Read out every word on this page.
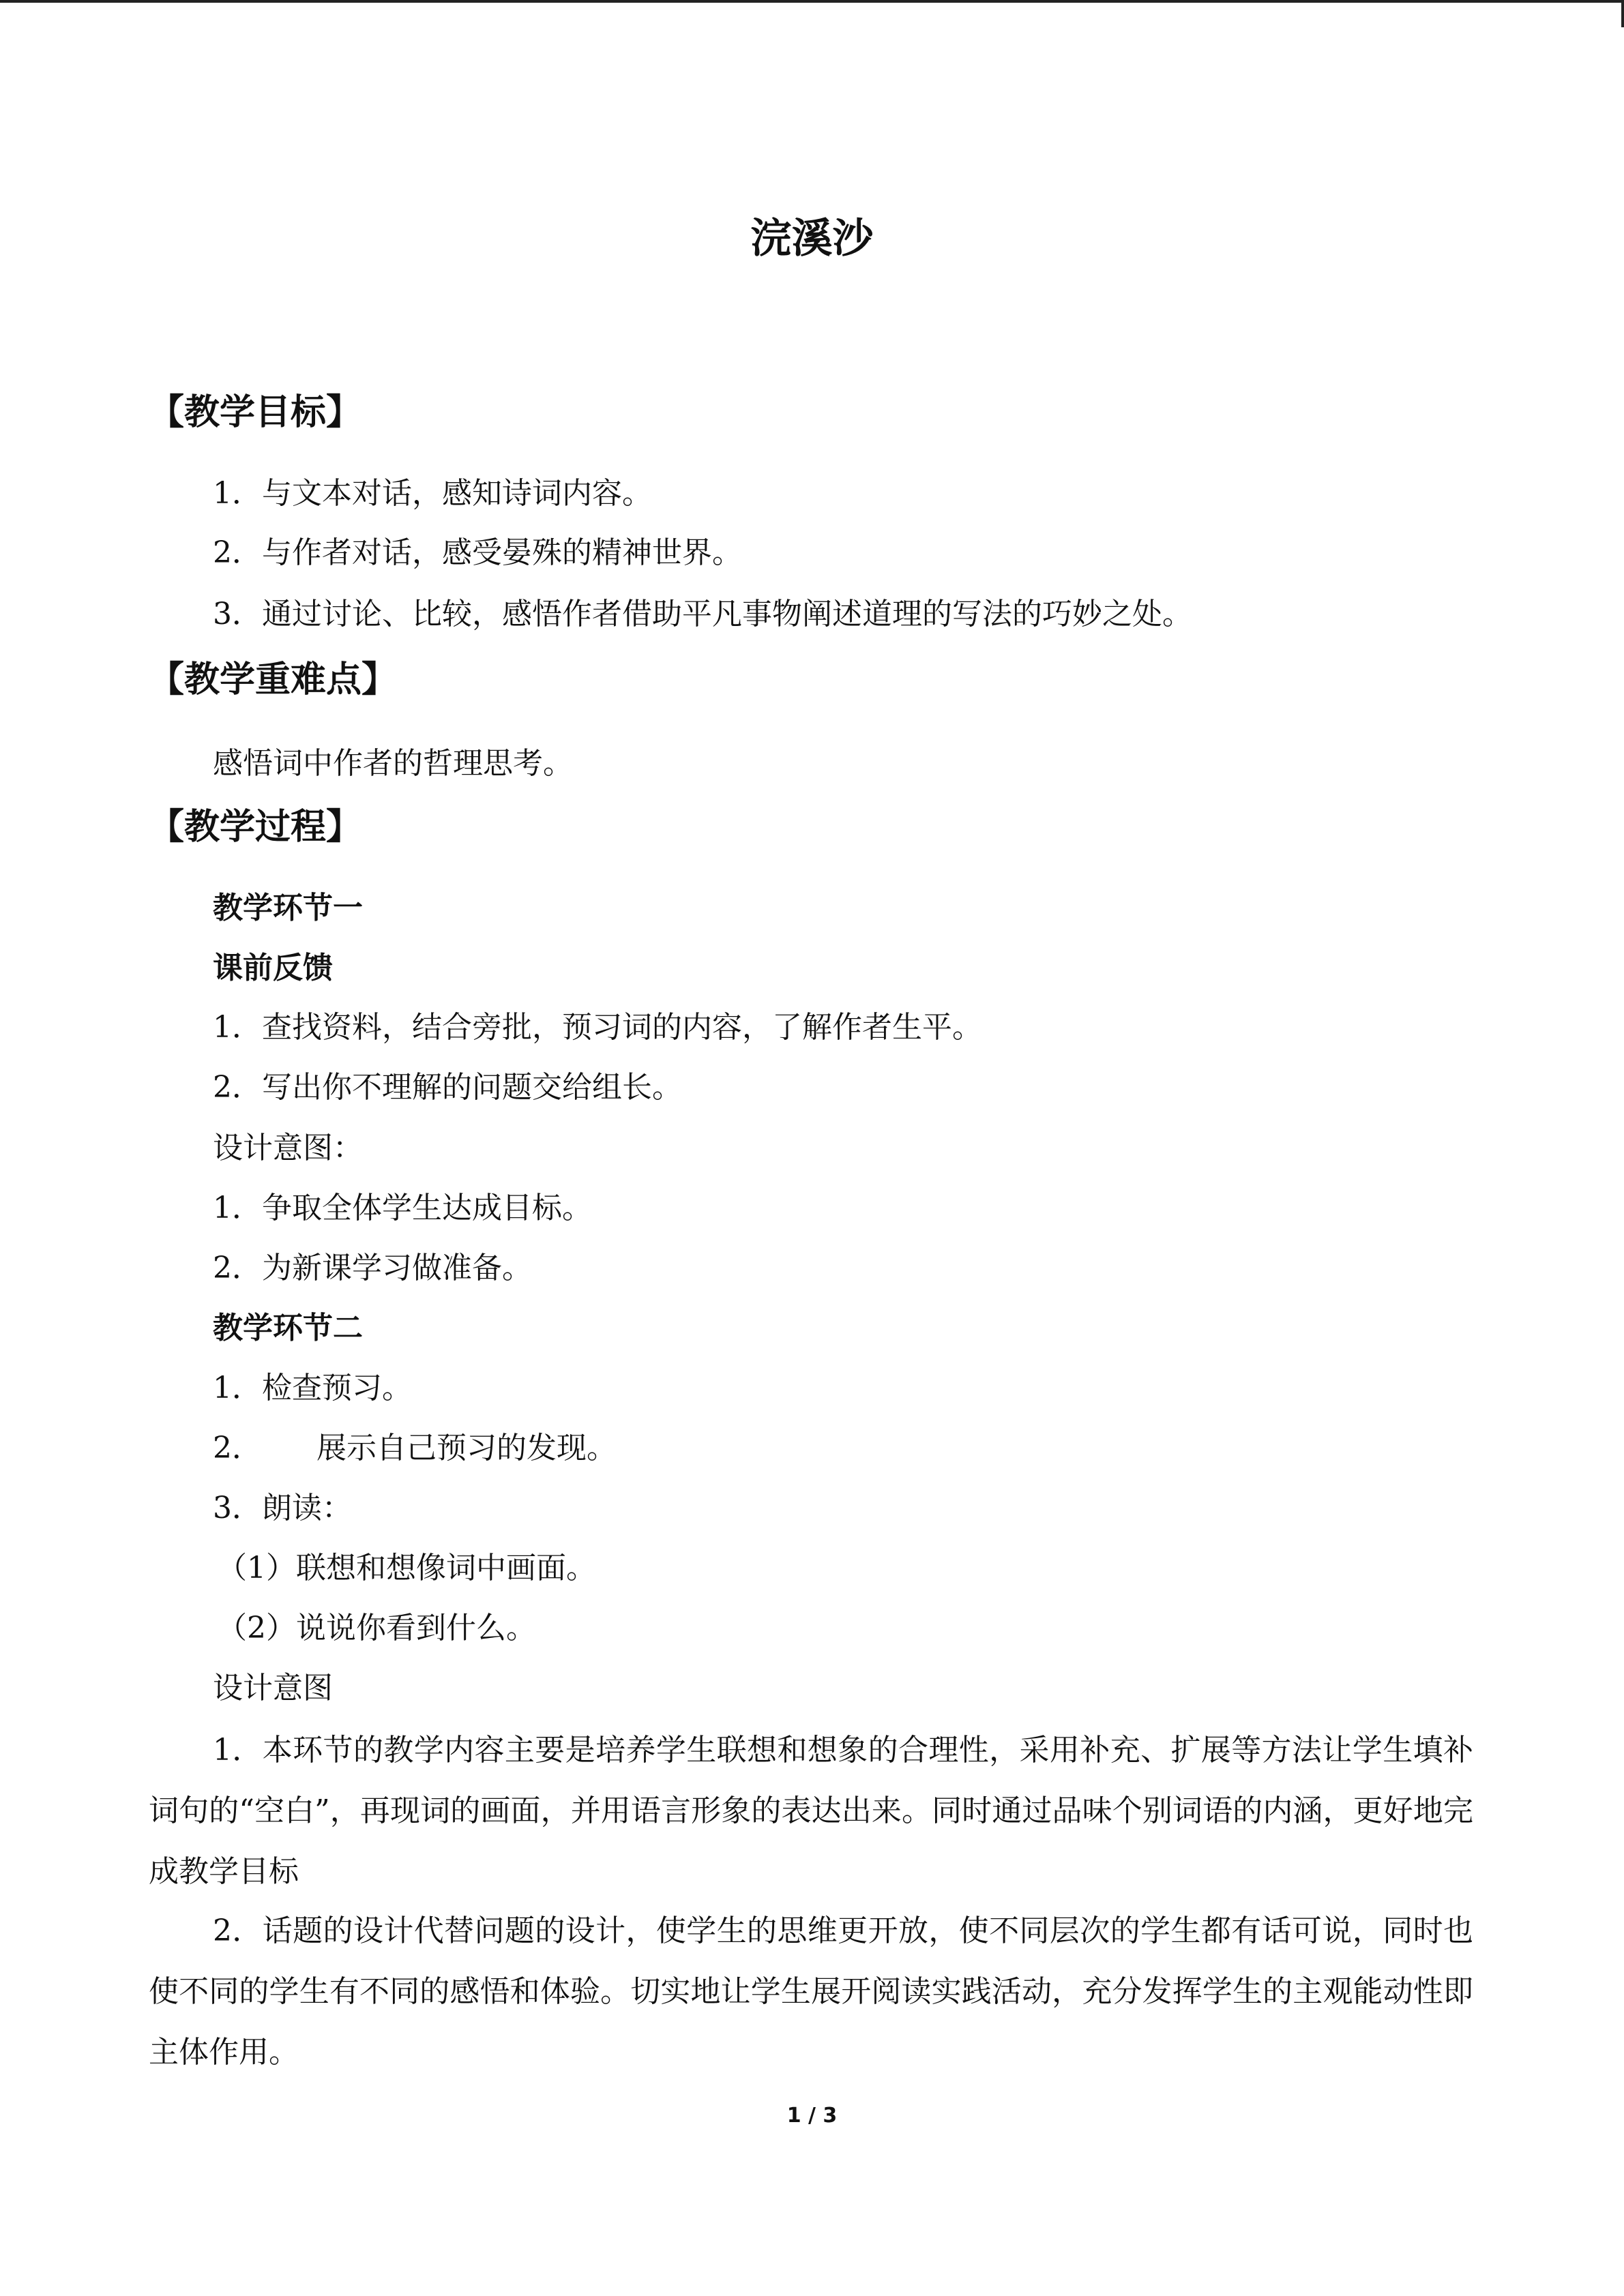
浣溪沙
【教学目标】
1．与文本对话，感知诗词内容。
2．与作者对话，感受晏殊的精神世界。
3．通过讨论、比较，感悟作者借助平凡事物阐述道理的写法的巧妙之处。
【教学重难点】
感悟词中作者的哲理思考。
【教学过程】
教学环节一
课前反馈
1．查找资料，结合旁批，预习词的内容，了解作者生平。
2．写出你不理解的问题交给组长。
设计意图：
1．争取全体学生达成目标。
2．为新课学习做准备。
教学环节二
1．检查预习。
2． 展示自己预习的发现。
3．朗读：
（1）联想和想像词中画面。
（2）说说你看到什么。
设计意图
1．本环节的教学内容主要是培养学生联想和想象的合理性，采用补充、扩展等方法让学生填补词句的“空白”，再现词的画面，并用语言形象的表达出来。同时通过品味个别词语的内涵，更好地完成教学目标
2．话题的设计代替问题的设计，使学生的思维更开放，使不同层次的学生都有话可说，同时也使不同的学生有不同的感悟和体验。切实地让学生展开阅读实践活动，充分发挥学生的主观能动性即主体作用。
1 / 3
